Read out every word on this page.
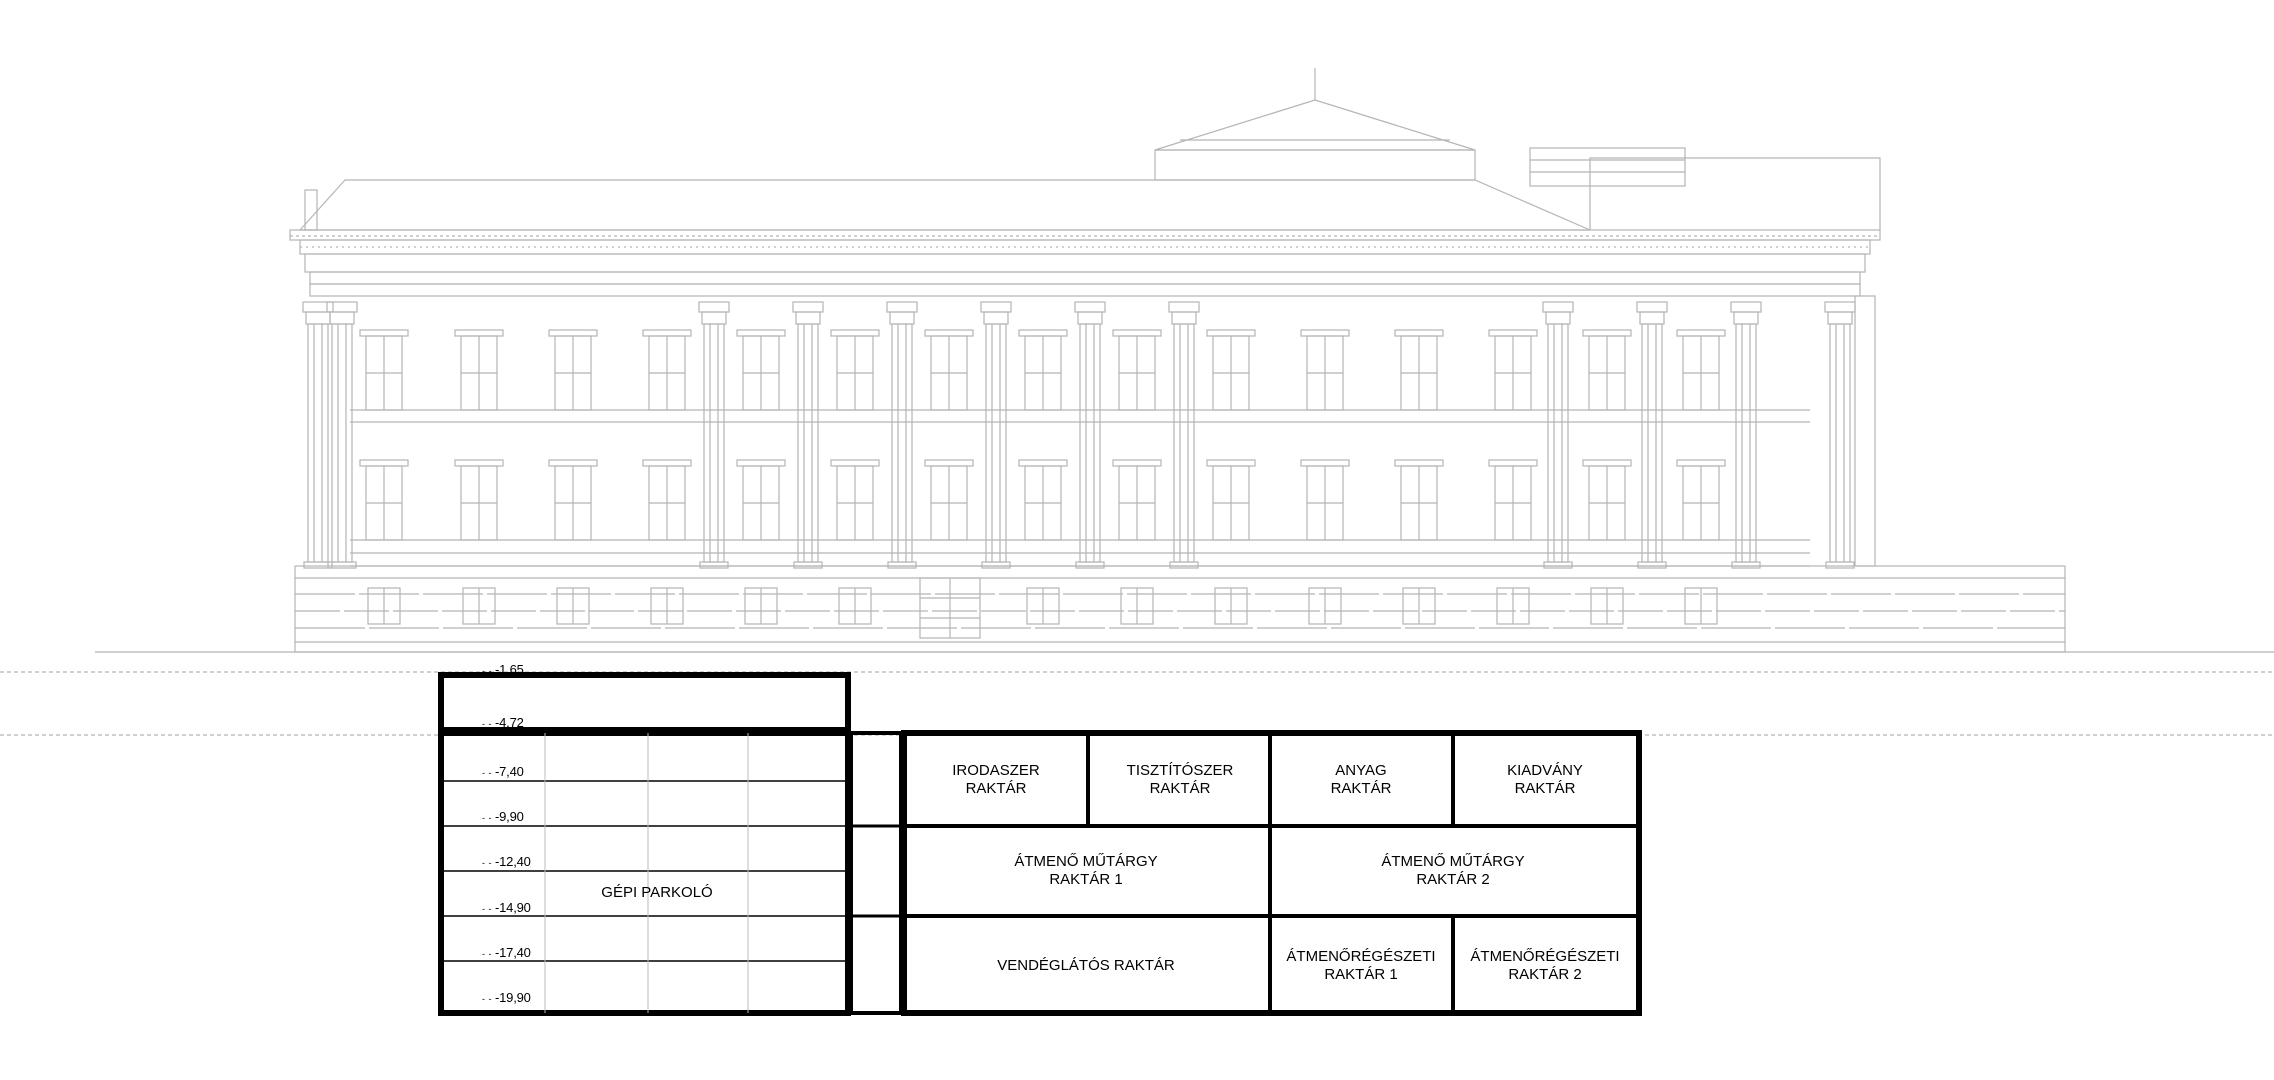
- - -1,65
- - -4,72
- - -7,40
- - -9,90
- - -12,40
- - -14,90
- - -17,40
- - -19,90
GÉPI PARKOLÓ
IRODASZER
RAKTÁR
TISZTÍTÓSZER
RAKTÁR
ANYAG
RAKTÁR
KIADVÁNY
RAKTÁR
ÁTMENŐ MŰTÁRGY
RAKTÁR 1
ÁTMENŐ MŰTÁRGY
RAKTÁR 2
VENDÉGLÁTÓS RAKTÁR
ÁTMENŐRÉGÉSZETI
RAKTÁR 1
ÁTMENŐRÉGÉSZETI
RAKTÁR 2
